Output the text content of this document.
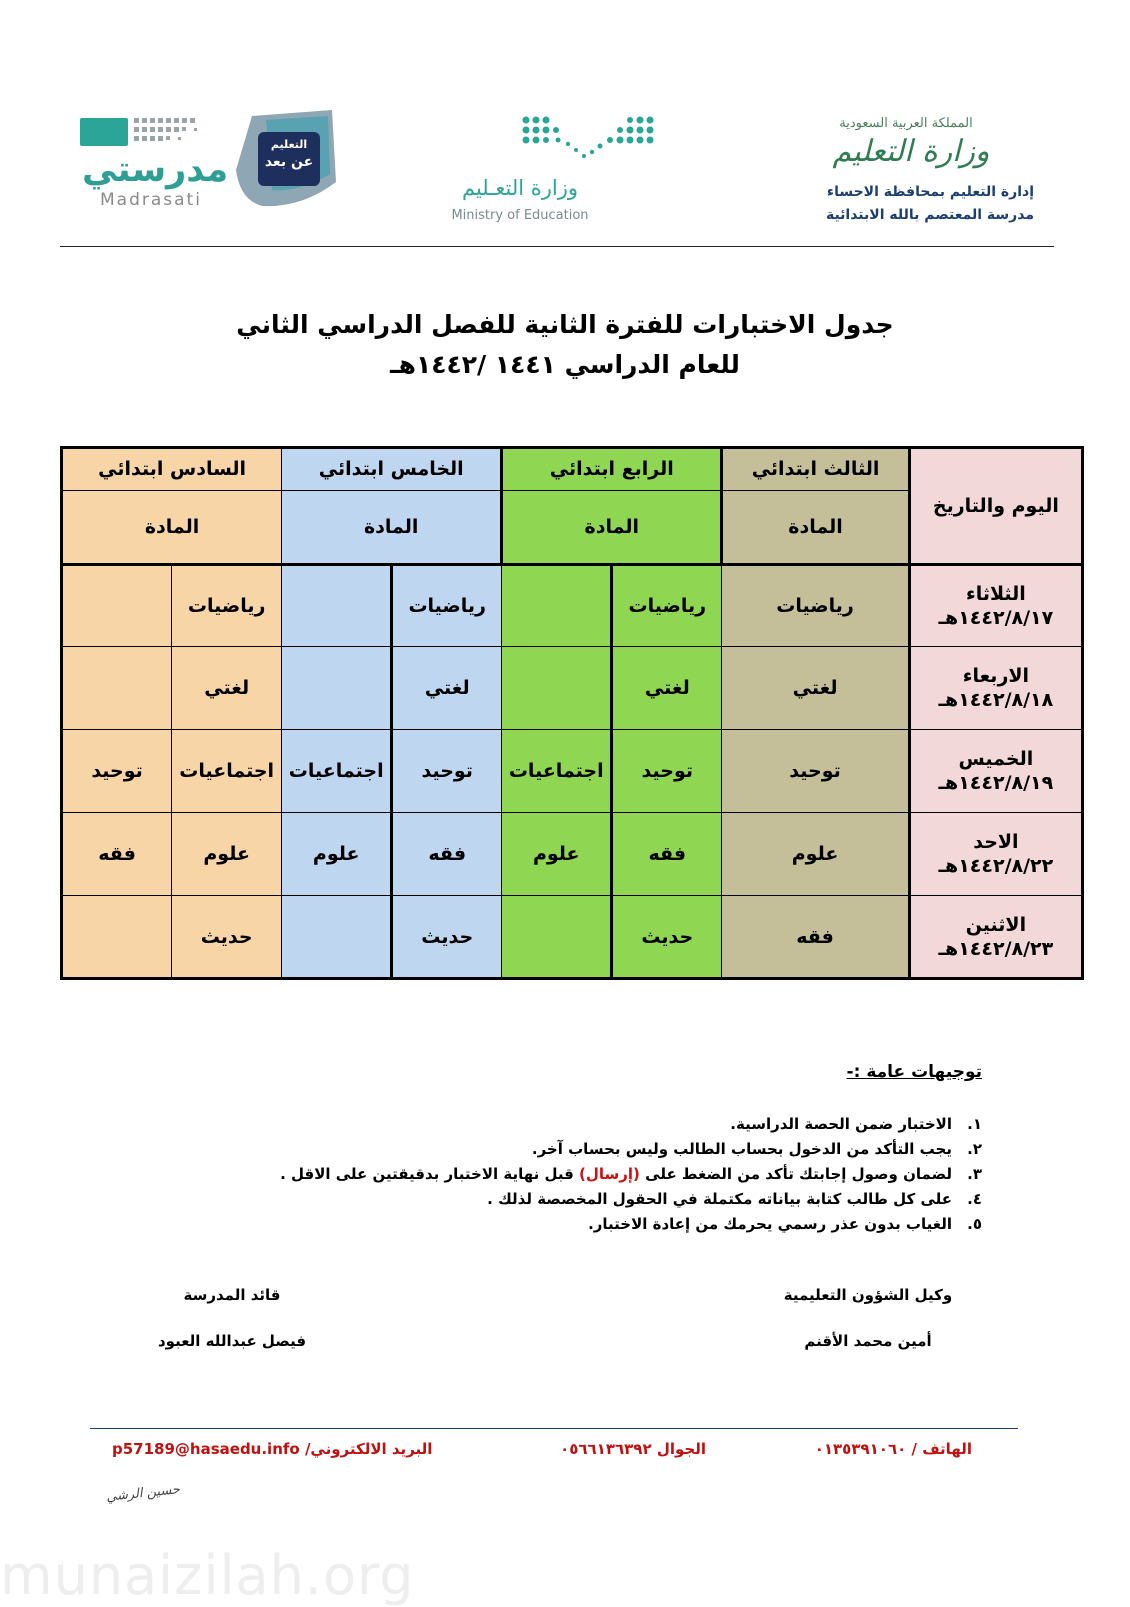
المملكة العربية السعودية
وزارة التعليم
إدارة التعليم بمحافظة الاحساء
مدرسة المعتصم بالله الابتدائية
وزارة التعـليم
Ministry of Education
مدرستي
Madrasati
التعليم
عن بعد
جدول الاختبارات للفترة الثانية للفصل الدراسي الثاني
للعام الدراسي ١٤٤١ /١٤٤٢هـ
اليوم والتاريخ	الثالث ابتدائي	الرابع ابتدائي		الخامس ابتدائي		السادس ابتدائي	
	المادة	المادة		المادة		المادة	

الثلاثاء
١٤٤٢/٨/١٧هـ	رياضيات	رياضيات		رياضيات		رياضيات	

الاربعاء
١٤٤٢/٨/١٨هـ	لغتي	لغتي		لغتي		لغتي	

الخميس
١٤٤٢/٨/١٩هـ	توحيد	توحيد	اجتماعيات	توحيد	اجتماعيات	اجتماعيات	توحيد

الاحد
١٤٤٢/٨/٢٢هـ	علوم	فقه	علوم	فقه	علوم	علوم	فقه

الاثنين
١٤٤٢/٨/٢٣هـ	فقه	حديث		حديث		حديث	
توجيهات عامة :-
١.الاختبار ضمن الحصة الدراسية.
٢.يجب التأكد من الدخول بحساب الطالب وليس بحساب آخر.
٣.لضمان وصول إجابتك تأكد من الضغط على (إرسال) قبل نهاية الاختبار بدقيقتين على الاقل .
٤.على كل طالب كتابة بياناته مكتملة في الحقول المخصصة لذلك .
٥.الغياب بدون عذر رسمي يحرمك من إعادة الاختبار.
وكيل الشؤون التعليمية
أمين محمد الأقنم
قائد المدرسة
فيصل عبدالله العبود
الهاتف / ٠١٣٥٣٩١٠٦٠
الجوال ٠٥٦٦١٣٦٣٩٢
البريد الالكتروني/ p57189@hasaedu.info
حسين الرشي
munaizilah.org
